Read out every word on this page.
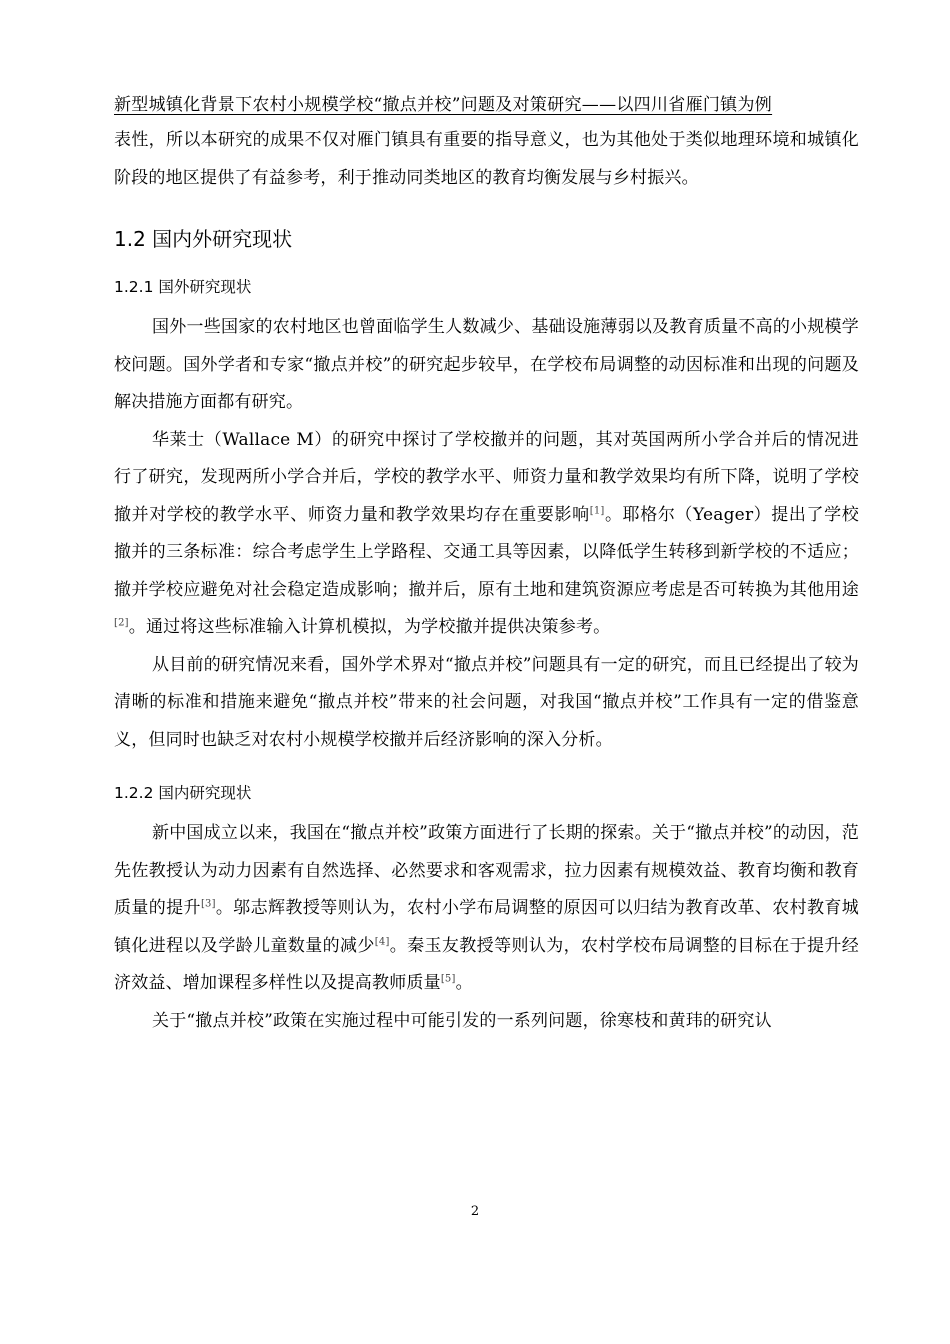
新型城镇化背景下农村小规模学校“撤点并校”问题及对策研究——以四川省雁门镇为例

表性，所以本研究的成果不仅对雁门镇具有重要的指导意义，也为其他处于类似地理环境和城镇化阶段的地区提供了有益参考，利于推动同类地区的教育均衡发展与乡村振兴。

1.2 国内外研究现状
1.2.1 国外研究现状

国外一些国家的农村地区也曾面临学生人数减少、基础设施薄弱以及教育质量不高的小规模学校问题。国外学者和专家“撤点并校”的研究起步较早，在学校布局调整的动因标准和出现的问题及解决措施方面都有研究。

华莱士（Wallace M）的研究中探讨了学校撤并的问题，其对英国两所小学合并后的情况进行了研究，发现两所小学合并后，学校的教学水平、师资力量和教学效果均有所下降，说明了学校撤并对学校的教学水平、师资力量和教学效果均存在重要影响[1]。耶格尔（Yeager）提出了学校撤并的三条标准：综合考虑学生上学路程、交通工具等因素，以降低学生转移到新学校的不适应；撤并学校应避免对社会稳定造成影响；撤并后，原有土地和建筑资源应考虑是否可转换为其他用途[2]。通过将这些标准输入计算机模拟，为学校撤并提供决策参考。

从目前的研究情况来看，国外学术界对“撤点并校”问题具有一定的研究，而且已经提出了较为清晰的标准和措施来避免“撤点并校”带来的社会问题，对我国“撤点并校”工作具有一定的借鉴意义，但同时也缺乏对农村小规模学校撤并后经济影响的深入分析。

1.2.2 国内研究现状

新中国成立以来，我国在“撤点并校”政策方面进行了长期的探索。关于“撤点并校”的动因，范先佐教授认为动力因素有自然选择、必然要求和客观需求，拉力因素有规模效益、教育均衡和教育质量的提升[3]。邬志辉教授等则认为，农村小学布局调整的原因可以归结为教育改革、农村教育城镇化进程以及学龄儿童数量的减少[4]。秦玉友教授等则认为，农村学校布局调整的目标在于提升经济效益、增加课程多样性以及提高教师质量[5]。

关于“撤点并校”政策在实施过程中可能引发的一系列问题，徐寒枝和黄玮的研究认

2
